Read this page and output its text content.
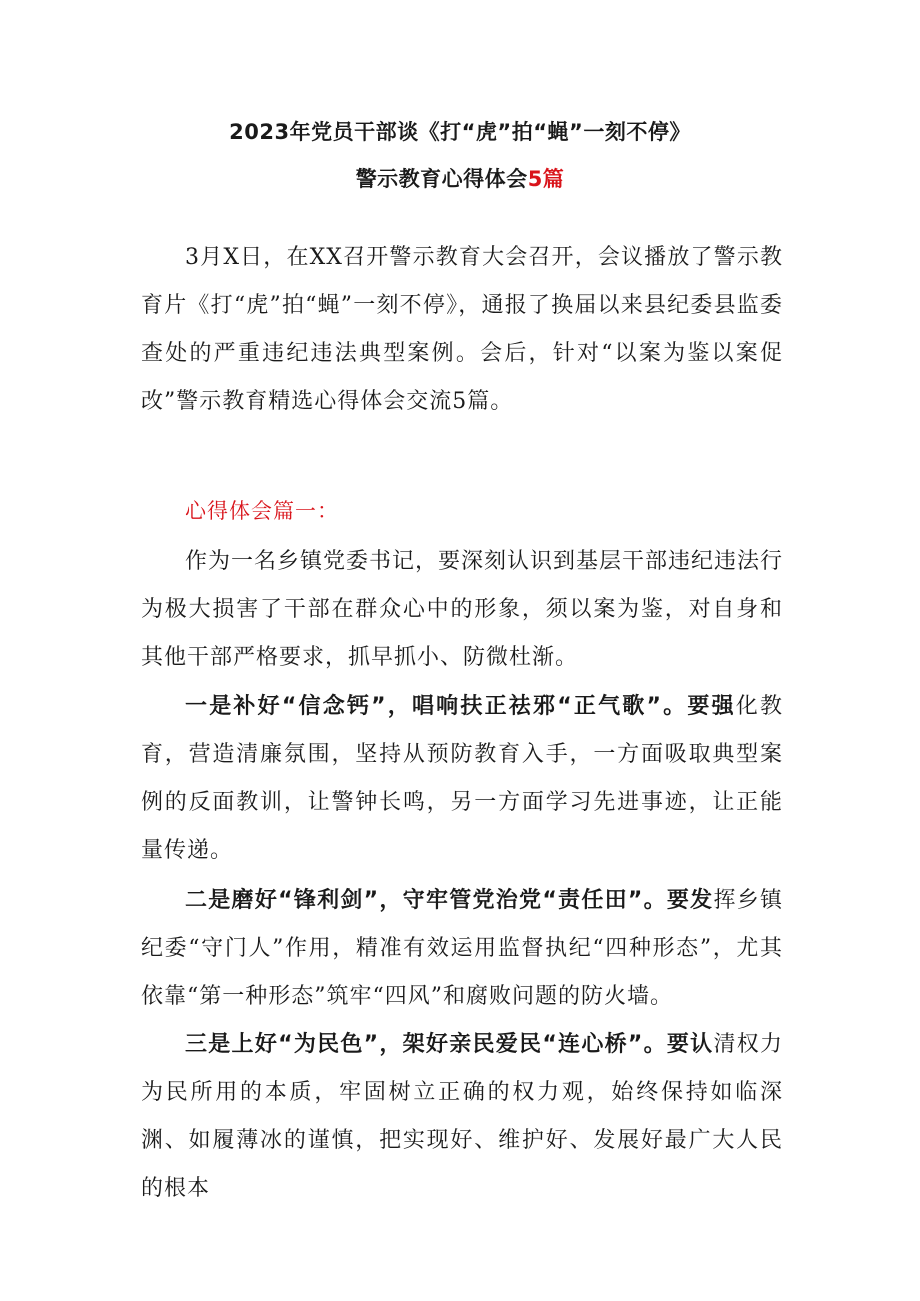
2023年党员干部谈《打“虎”拍“蝇”一刻不停》
警示教育心得体会5篇

3月X日，在XX召开警示教育大会召开，会议播放了警示教育片《打“虎”拍“蝇”一刻不停》，通报了换届以来县纪委县监委查处的严重违纪违法典型案例。会后，针对“以案为鉴以案促改”警示教育精选心得体会交流5篇。

心得体会篇一：

作为一名乡镇党委书记，要深刻认识到基层干部违纪违法行为极大损害了干部在群众心中的形象，须以案为鉴，对自身和其他干部严格要求，抓早抓小、防微杜渐。

一是补好“信念钙”，唱响扶正祛邪“正气歌”。要强化教育，营造清廉氛围，坚持从预防教育入手，一方面吸取典型案例的反面教训，让警钟长鸣，另一方面学习先进事迹，让正能量传递。

二是磨好“锋利剑”，守牢管党治党“责任田”。要发挥乡镇纪委“守门人”作用，精准有效运用监督执纪“四种形态”，尤其依靠“第一种形态”筑牢“四风”和腐败问题的防火墙。

三是上好“为民色”，架好亲民爱民“连心桥”。要认清权力为民所用的本质，牢固树立正确的权力观，始终保持如临深渊、如履薄冰的谨慎，把实现好、维护好、发展好最广大人民的根本
